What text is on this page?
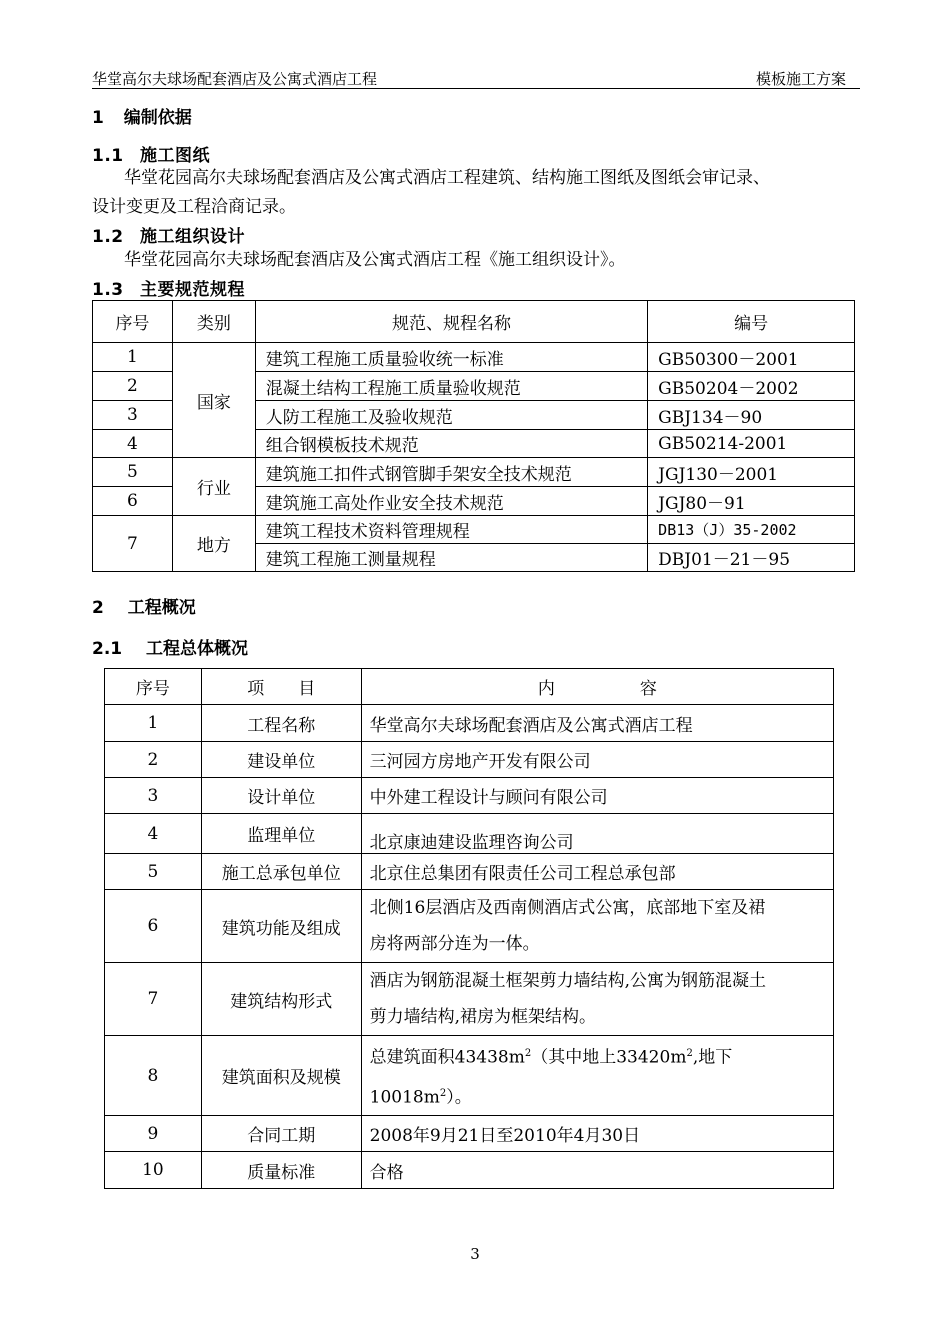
华堂高尔夫球场配套酒店及公寓式酒店工程	模板施工方案
1 编制依据
1.1 施工图纸
华堂花园高尔夫球场配套酒店及公寓式酒店工程建筑、结构施工图纸及图纸会审记录、
设计变更及工程洽商记录。
1.2 施工组织设计
华堂花园高尔夫球场配套酒店及公寓式酒店工程《施工组织设计》。
1.3 主要规范规程
序号	类别	规范、规程名称	编号
1	国家	建筑工程施工质量验收统一标准	GB50300－2001
2		混凝土结构工程施工质量验收规范	GB50204－2002
3		人防工程施工及验收规范	GBJ134－90
4		组合钢模板技术规范	GB50214-2001
5	行业	建筑施工扣件式钢管脚手架安全技术规范	JGJ130－2001
6		建筑施工高处作业安全技术规范	JGJ80－91
7	地方	建筑工程技术资料管理规程	DB13（J）35-2002
		建筑工程施工测量规程	DBJ01－21－95
2 工程概况
2.1 工程总体概况
序号	项　　目	内　　　　　容
1	工程名称	华堂高尔夫球场配套酒店及公寓式酒店工程
2	建设单位	三河园方房地产开发有限公司
3	设计单位	中外建工程设计与顾问有限公司
4	监理单位	北京康迪建设监理咨询公司
5	施工总承包单位	北京住总集团有限责任公司工程总承包部
6	建筑功能及组成	北侧16层酒店及西南侧酒店式公寓，底部地下室及裙
房将两部分连为一体。

7	建筑结构形式	酒店为钢筋混凝土框架剪力墙结构,公寓为钢筋混凝土
剪力墙结构,裙房为框架结构。

8	建筑面积及规模	总建筑面积$43438m^2$（其中地上$33420m^2$,地下
$10018m^2$）。

9	合同工期	2008年9月21日至2010年4月30日
10	质量标准	合格
3
